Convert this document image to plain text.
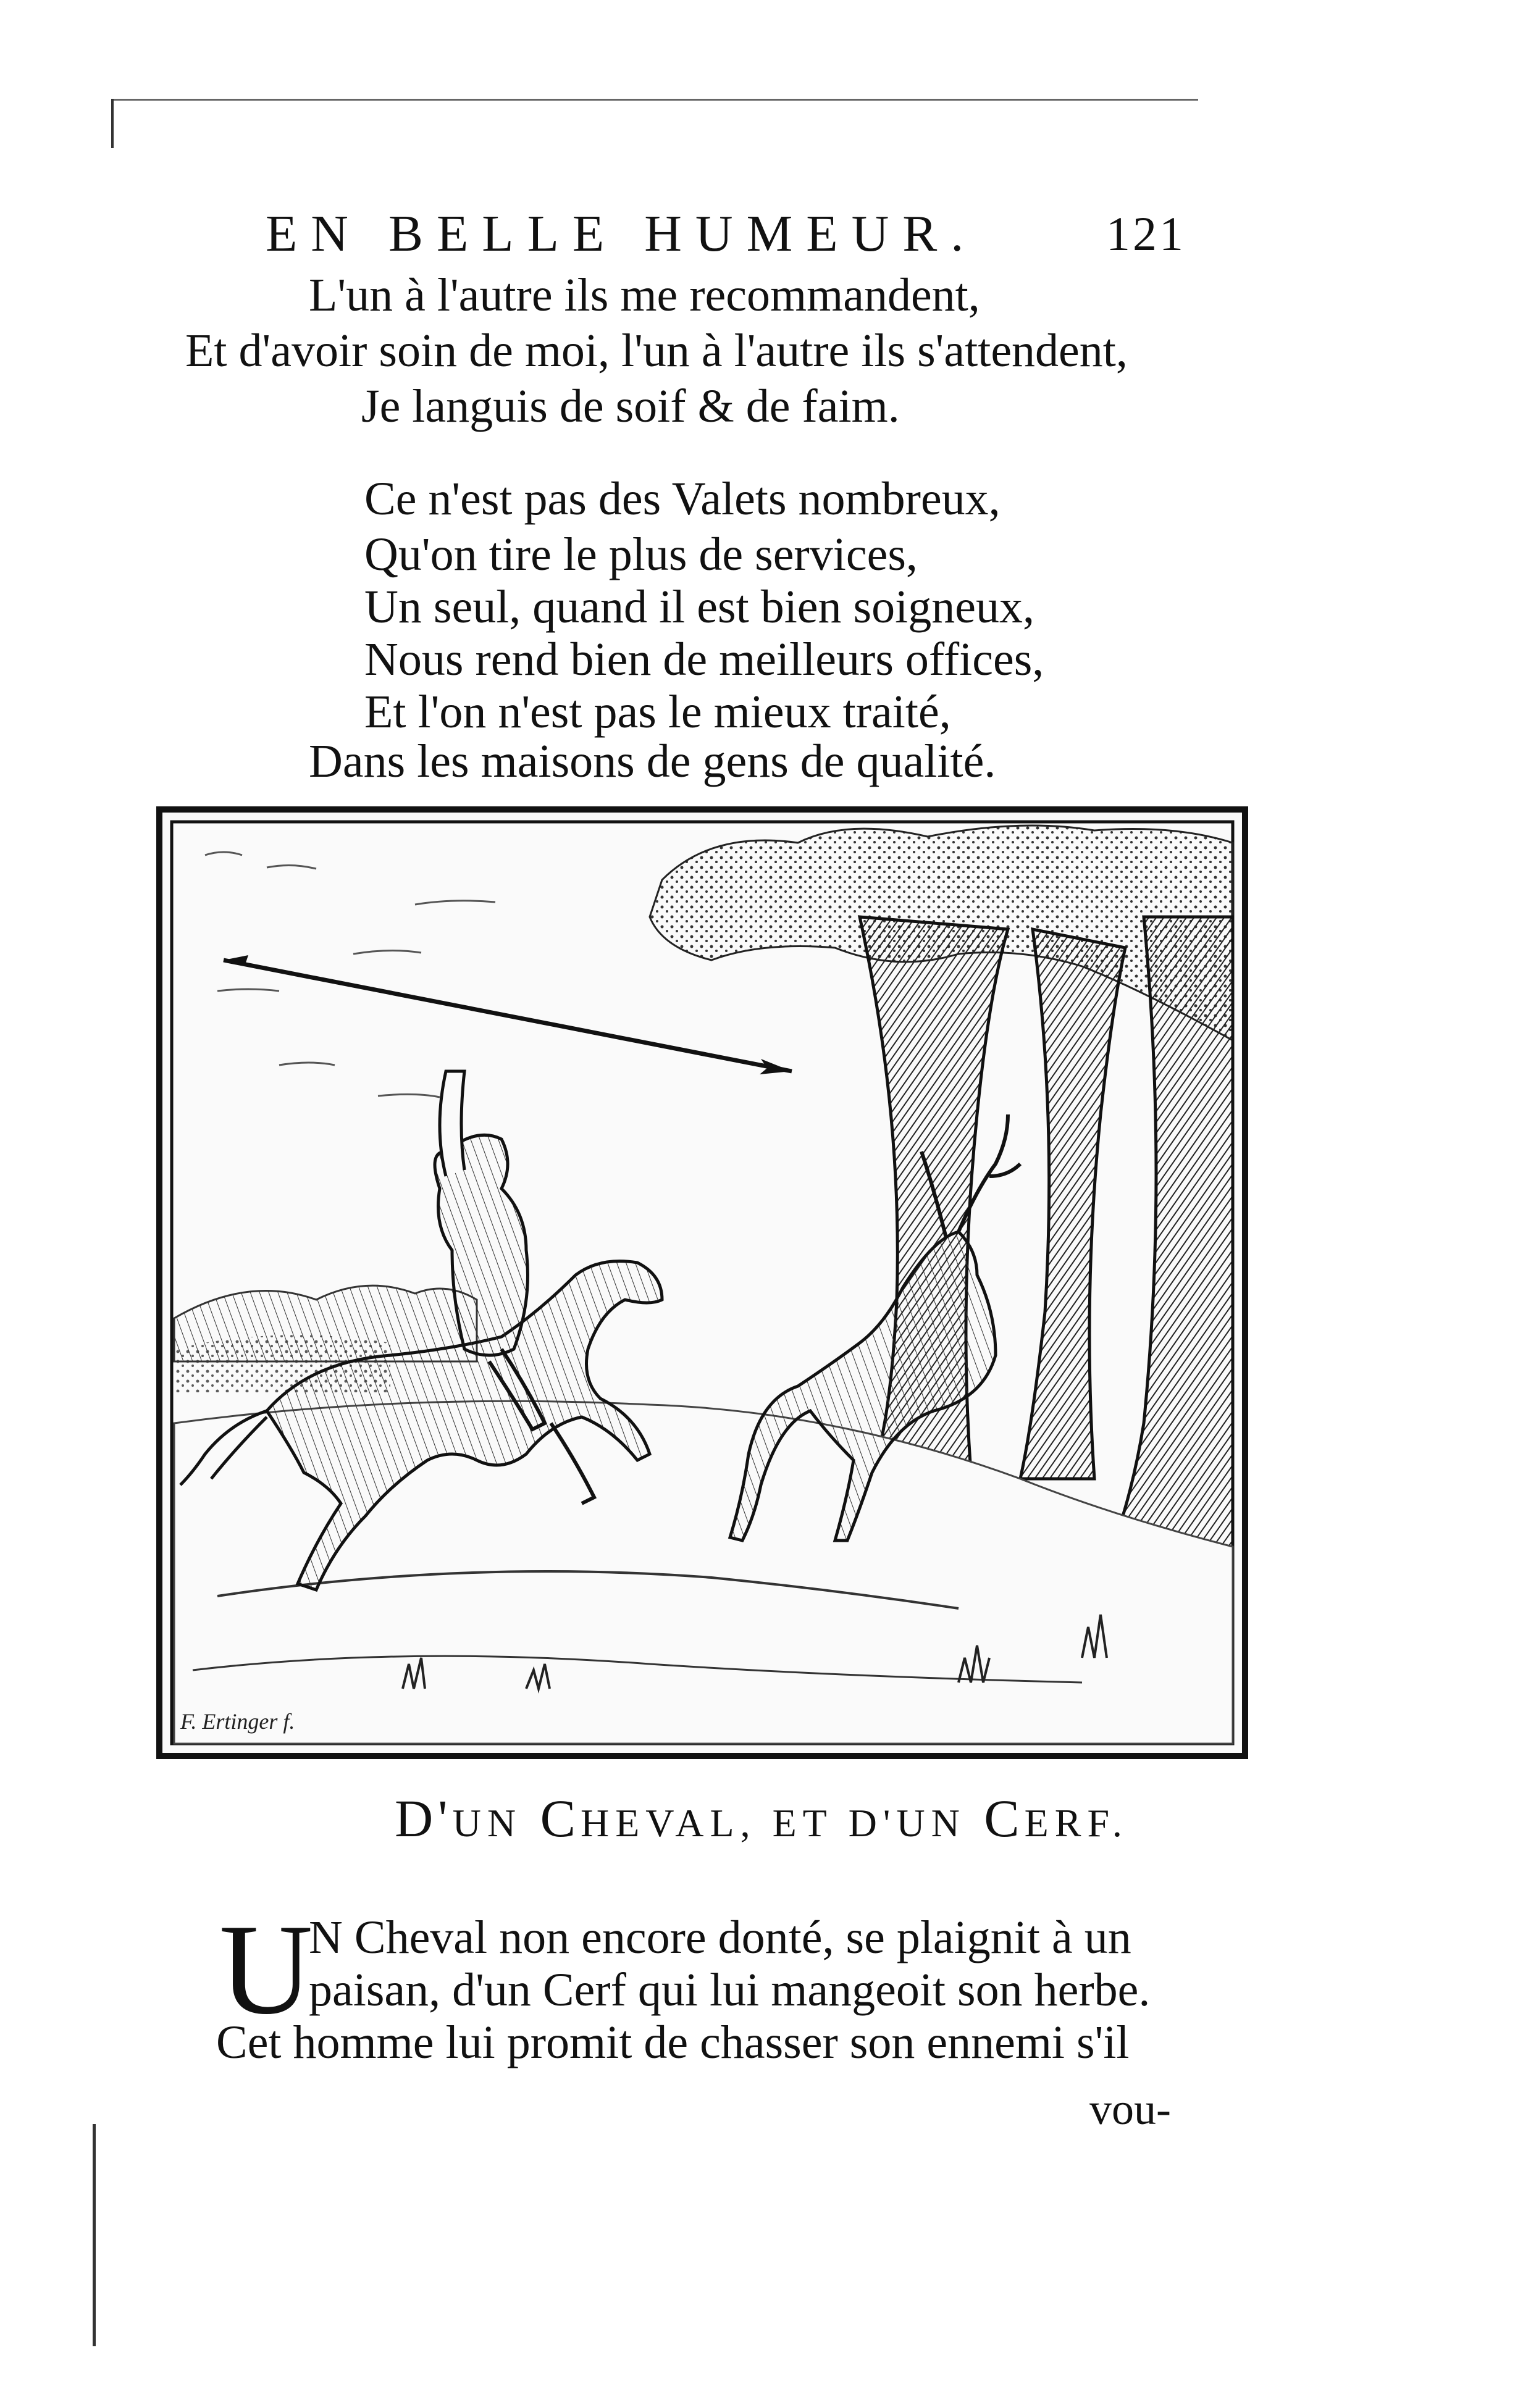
EN BELLE HUMEUR.	121
L'un à l'autre ils me recommandent,
Et d'avoir soin de moi, l'un à l'autre ils s'attendent,
Je languis de soif & de faim.
Ce n'est pas des Valets nombreux,
Qu'on tire le plus de services,
Un seul, quand il est bien soigneux,
Nous rend bien de meilleurs offices,
Et l'on n'est pas le mieux traité,
Dans les maisons de gens de qualité.
F. Ertinger f.
D'UN CHEVAL, ET D'UN CERF.
U
N Cheval non encore donté, se plaignit à un
paisan, d'un Cerf qui lui mangeoit son herbe.
Cet homme lui promit de chasser son ennemi s'il
vou-
